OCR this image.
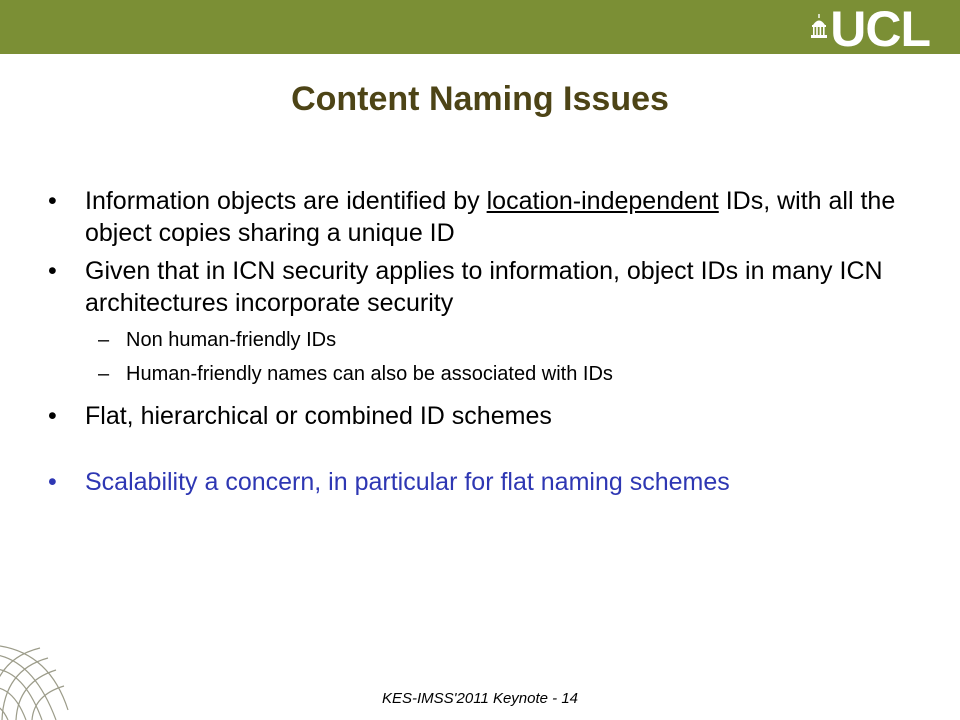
UCL
Content Naming Issues
• Information objects are identified by location-independent IDs, with all the object copies sharing a unique ID
• Given that in ICN security applies to information, object IDs in many ICN architectures incorporate security
– Non human-friendly IDs
– Human-friendly names can also be associated with IDs
• Flat, hierarchical or combined ID schemes
• Scalability a concern, in particular for flat naming schemes
KES-IMSS'2011 Keynote - 14
